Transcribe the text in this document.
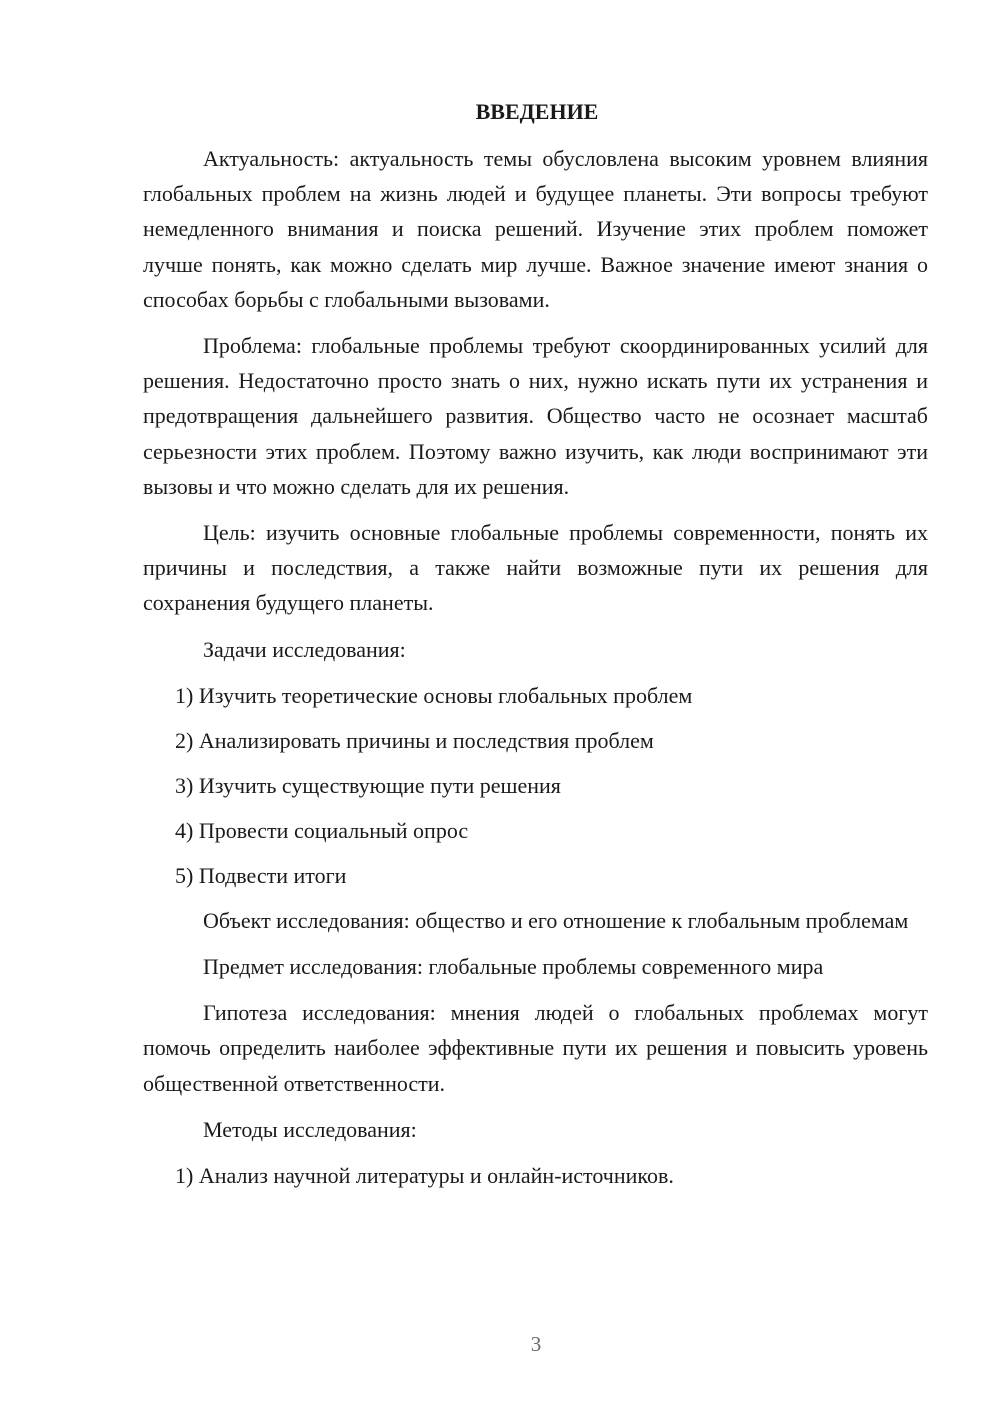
ВВЕДЕНИЕ

Актуальность: актуальность темы обусловлена высоким уровнем влияния глобальных проблем на жизнь людей и будущее планеты. Эти вопросы требуют немедленного внимания и поиска решений. Изучение этих проблем поможет лучше понять, как можно сделать мир лучше. Важное значение имеют знания о способах борьбы с глобальными вызовами.

Проблема: глобальные проблемы требуют скоординированных усилий для решения. Недостаточно просто знать о них, нужно искать пути их устранения и предотвращения дальнейшего развития. Общество часто не осознает масштаб серьезности этих проблем. Поэтому важно изучить, как люди воспринимают эти вызовы и что можно сделать для их решения.

Цель: изучить основные глобальные проблемы современности, понять их причины и последствия, а также найти возможные пути их решения для сохранения будущего планеты.

Задачи исследования:

1) Изучить теоретические основы глобальных проблем
2) Анализировать причины и последствия проблем
3) Изучить существующие пути решения
4) Провести социальный опрос
5) Подвести итоги

Объект исследования: общество и его отношение к глобальным проблемам

Предмет исследования: глобальные проблемы современного мира

Гипотеза исследования: мнения людей о глобальных проблемах могут помочь определить наиболее эффективные пути их решения и повысить уровень общественной ответственности.

Методы исследования:

1) Анализ научной литературы и онлайн-источников.
3
